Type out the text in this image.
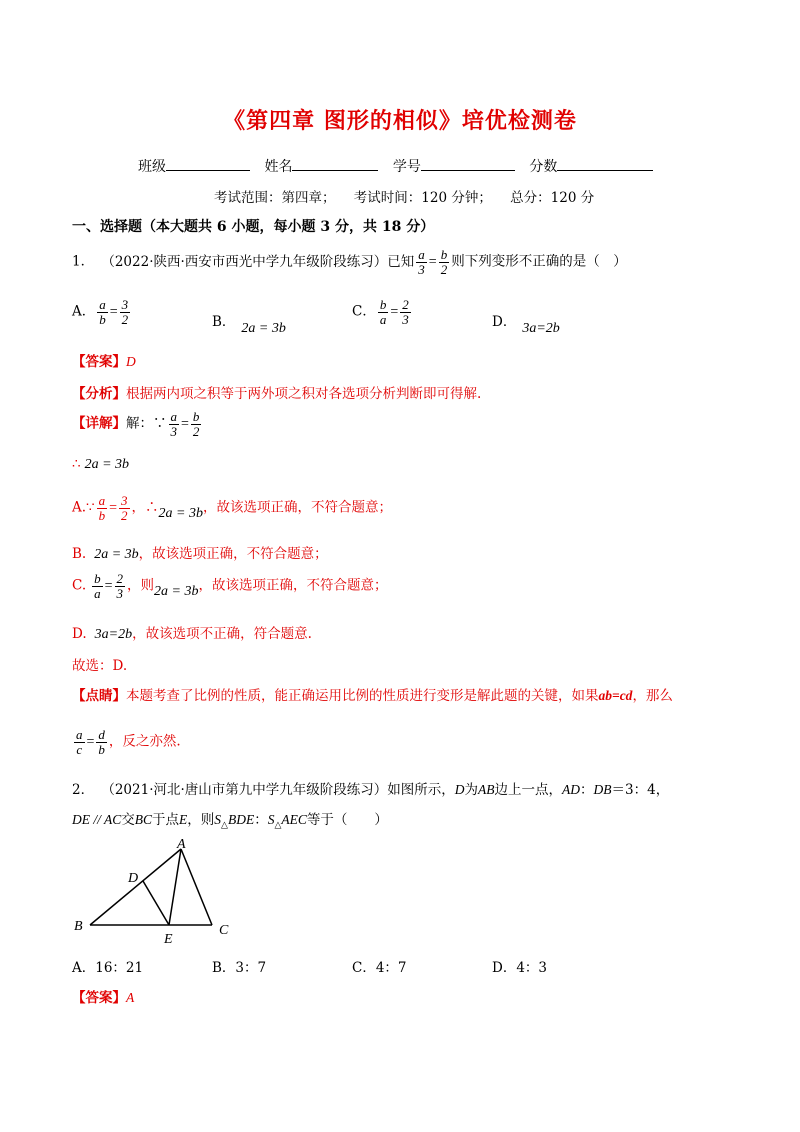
《第四章 图形的相似》培优检测卷
班级	姓名	学号	分数
考试范围：第四章； 考试时间：120 分钟； 总分：120 分
一、选择题（本大题共 6 小题，每小题 3 分，共 18 分）
1． （2022·陕西·西安市西光中学九年级阶段练习）已知 $\frac{a}{3} = \frac{b}{2}$ 则下列变形不正确的是（　）
A． $\frac{a}{b} = \frac{3}{2}$	B． 2a = 3b
C． $\frac{b}{a} = \frac{2}{3}$	D． 3a=2b
【答案】D
【分析】根据两内项之积等于两外项之积对各选项分析判断即可得解.
【详解】解：∵ $\frac{a}{3} = \frac{b}{2}$
∴ 2a = 3b
A.∵ $\frac{a}{b} = \frac{3}{2}$ ，∴2a = 3b，故该选项正确，不符合题意；
B. 2a = 3b，故该选项正确，不符合题意；
C. $\frac{b}{a} = \frac{2}{3}$ ，则2a = 3b，故该选项正确，不符合题意；
D. 3a=2b，故该选项不正确，符合题意.
故选：D.
【点睛】本题考查了比例的性质，能正确运用比例的性质进行变形是解此题的关键，如果ab=cd，那么
$\frac{a}{c} = \frac{d}{b}$ ，反之亦然.
2． （2021·河北·唐山市第九中学九年级阶段练习）如图所示，D为AB边上一点，AD：DB＝3：4，
DE // AC交BC于点E，则$S_\triangle BDE$：$S_\triangle AEC$等于（　　）
A
B	C
D
E
A．16：21	B．3：7	C．4：7	D．4：3
【答案】A
